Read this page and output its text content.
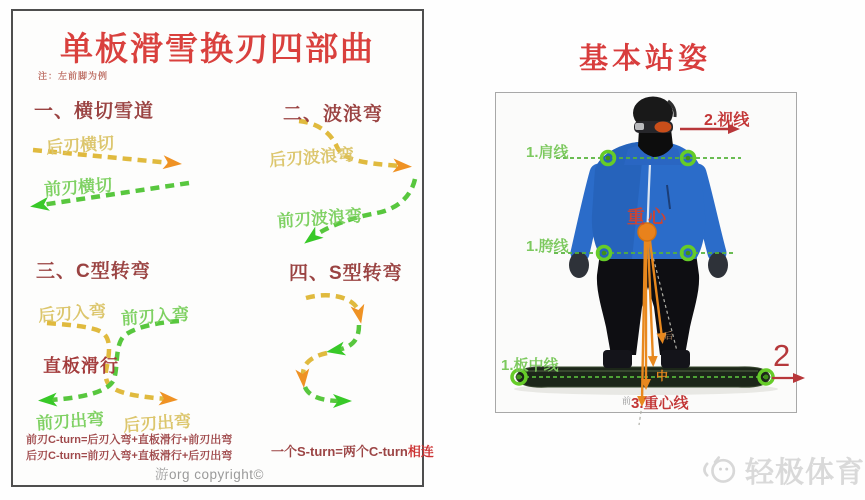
单板滑雪换刃四部曲
注：左前脚为例
一、横切雪道
后刃横切
前刃横切
二、波浪弯
后刃波浪弯
前刃波浪弯
三、C型转弯
后刃入弯 前刃入弯
直板滑行
前刃出弯 后刃出弯
四、S型转弯
前刃C-turn=后刃入弯+直板滑行+前刃出弯
后刃C-turn=前刃入弯+直板滑行+后刃出弯	一个S-turn=两个C-turn相连
游org copyright©
基本站姿
2.视线
1.肩线
重心
1.胯线
1.板中线
3.重心线
2
后
中
前
轻极体育
